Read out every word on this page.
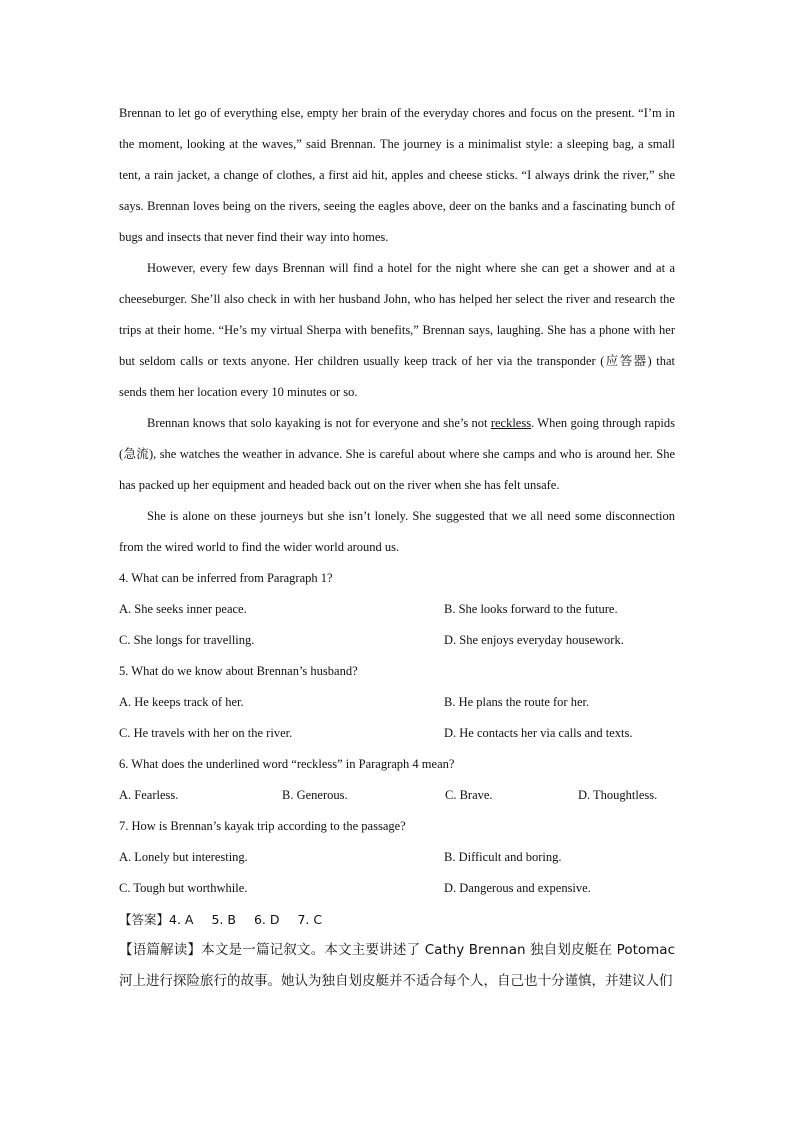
Brennan to let go of everything else, empty her brain of the everyday chores and focus on the present. “I’m in the moment, looking at the waves,” said Brennan. The journey is a minimalist style: a sleeping bag, a small tent, a rain jacket, a change of clothes, a first aid hit, apples and cheese sticks. “I always drink the river,” she says. Brennan loves being on the rivers, seeing the eagles above, deer on the banks and a fascinating bunch of bugs and insects that never find their way into homes.

However, every few days Brennan will find a hotel for the night where she can get a shower and at a cheeseburger. She’ll also check in with her husband John, who has helped her select the river and research the trips at their home. “He’s my virtual Sherpa with benefits,” Brennan says, laughing. She has a phone with her but seldom calls or texts anyone. Her children usually keep track of her via the transponder (应答器) that sends them her location every 10 minutes or so.

Brennan knows that solo kayaking is not for everyone and she’s not reckless. When going through rapids (急流), she watches the weather in advance. She is careful about where she camps and who is around her. She has packed up her equipment and headed back out on the river when she has felt unsafe.

She is alone on these journeys but she isn’t lonely. She suggested that we all need some disconnection from the wired world to find the wider world around us.

4. What can be inferred from Paragraph 1?

A. She seeks inner peace.	B. She looks forward to the future.
C. She longs for travelling.	D. She enjoys everyday housework.

5. What do we know about Brennan’s husband?

A. He keeps track of her.	B. He plans the route for her.
C. He travels with her on the river.	D. He contacts her via calls and texts.

6. What does the underlined word “reckless” in Paragraph 4 mean?

A. Fearless.	B. Generous.	C. Brave.	D. Thoughtless.

7. How is Brennan’s kayak trip according to the passage?

A. Lonely but interesting.	B. Difficult and boring.
C. Tough but worthwhile.	D. Dangerous and expensive.

【答案】4. A 5. B 6. D 7. C

【语篇解读】本文是一篇记叙文。本文主要讲述了 Cathy Brennan 独自划皮艇在 Potomac 河上进行探险旅行的故事。她认为独自划皮艇并不适合每个人，自己也十分谨慎，并建议人们
